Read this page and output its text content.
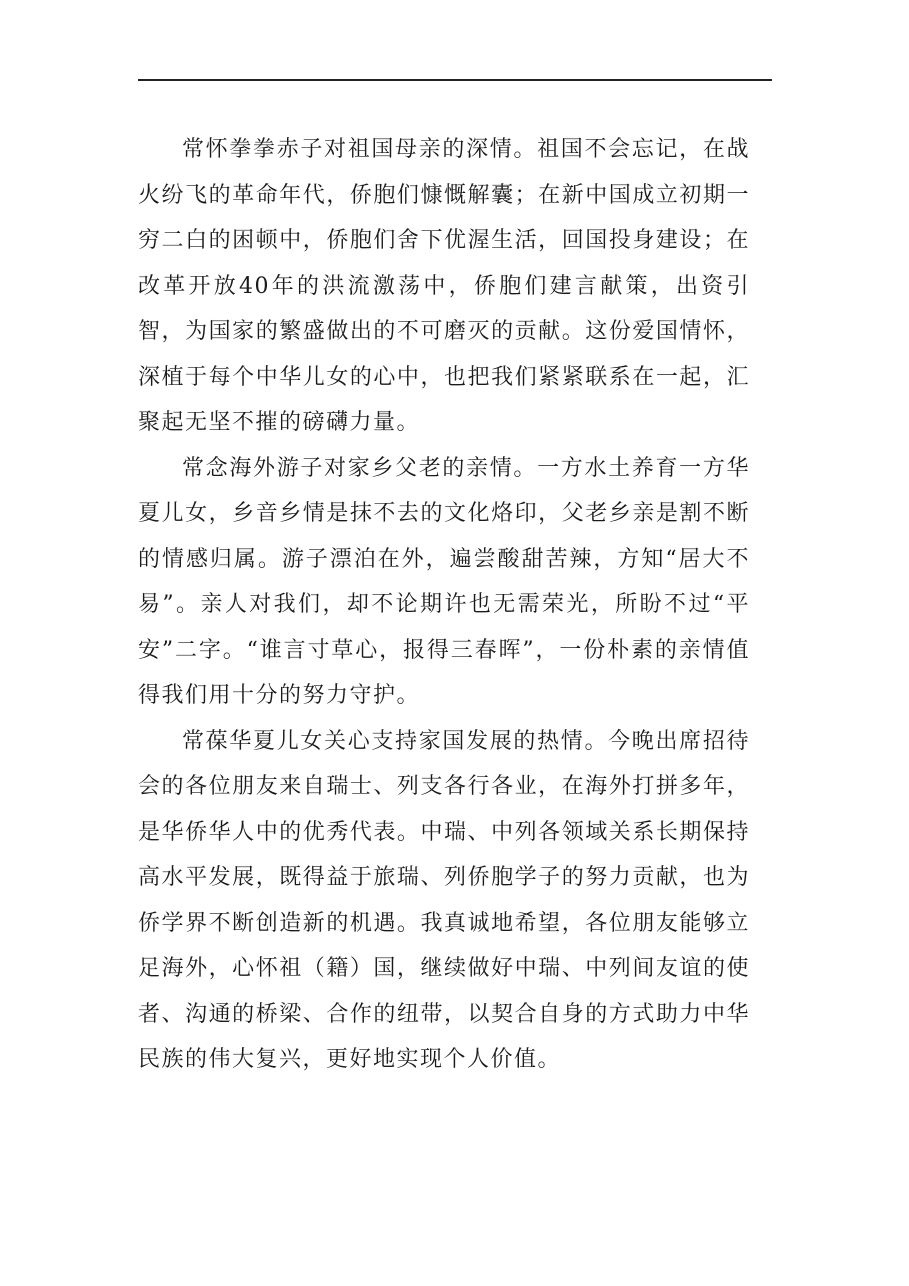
常怀拳拳赤子对祖国母亲的深情。祖国不会忘记，在战火纷飞的革命年代，侨胞们慷慨解囊；在新中国成立初期一穷二白的困顿中，侨胞们舍下优渥生活，回国投身建设；在改革开放40年的洪流激荡中，侨胞们建言献策，出资引智，为国家的繁盛做出的不可磨灭的贡献。这份爱国情怀，深植于每个中华儿女的心中，也把我们紧紧联系在一起，汇聚起无坚不摧的磅礴力量。

常念海外游子对家乡父老的亲情。一方水土养育一方华夏儿女，乡音乡情是抹不去的文化烙印，父老乡亲是割不断的情感归属。游子漂泊在外，遍尝酸甜苦辣，方知“居大不易”。亲人对我们，却不论期许也无需荣光，所盼不过“平安”二字。“谁言寸草心，报得三春晖”，一份朴素的亲情值得我们用十分的努力守护。

常葆华夏儿女关心支持家国发展的热情。今晚出席招待会的各位朋友来自瑞士、列支各行各业，在海外打拼多年，是华侨华人中的优秀代表。中瑞、中列各领域关系长期保持高水平发展，既得益于旅瑞、列侨胞学子的努力贡献，也为侨学界不断创造新的机遇。我真诚地希望，各位朋友能够立足海外，心怀祖（籍）国，继续做好中瑞、中列间友谊的使者、沟通的桥梁、合作的纽带，以契合自身的方式助力中华民族的伟大复兴，更好地实现个人价值。
